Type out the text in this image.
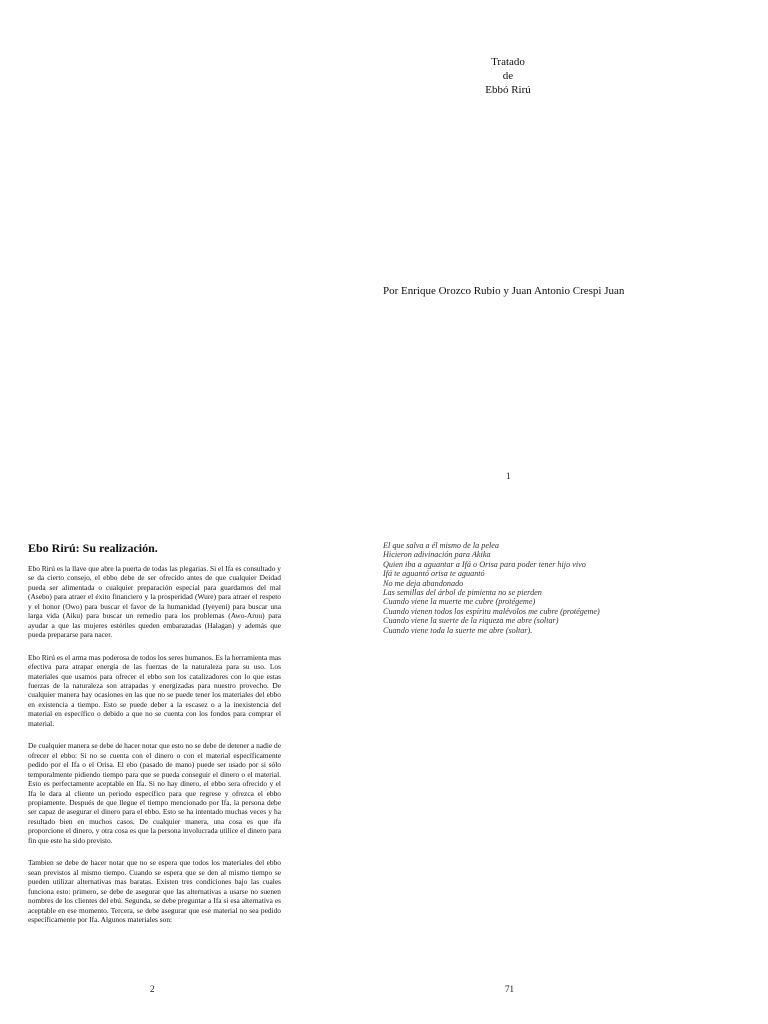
Tratado
de
Ebbó Rirú
Por Enrique Orozco Rubio y Juan Antonio Crespi Juan
1
Ebo Rirú: Su realización.

Ebo Rirú es la llave que abre la puerta de todas las plegarias. Si el Ifa es consultado y se da cierto consejo, el ebbo debe de ser ofrecido antes de que cualquier Deidad pueda ser alimentada o cualquier preparación especial para guardarnos del mal (Asebo) para atraer el éxito financiero y la prosperidad (Wure) para atraer el respeto y el honor (Owo) para buscar el favor de la humanidad (Iyeyeni) para buscar una larga vida (Aiku) para buscar un remedio para los problemas (Awo-Aruu) para ayudar a que las mujeres estériles queden embarazadas (Halagan) y además que pueda prepararse para nacer.

Ebo Rirú es el arma mas poderosa de todos los seres humanos. Es la herramienta mas efectiva para atrapar energía de las fuerzas de la naturaleza para su uso. Los materiales que usamos para ofrecer el ebbo son los catalizadores con lo que estas fuerzas de la naturaleza son atrapadas y energizadas para nuestro provecho. De cualquier manera hay ocasiones en las que no se puede tener los materiales del ebbo en existencia a tiempo. Esto se puede deber a la escasez o a la inexistencia del material en específico o debido a que no se cuenta con los fondos para comprar el material.

De cualquier manera se debe de hacer notar que esto no se debe de detener a nadie de ofrecer el ebbo: Si no se cuenta con el dinero o con el material específicamente pedido por el Ifa o el Orisa. El ebo (pasado de mano) puede ser usado por si sólo temporalmente pidiendo tiempo para que se pueda conseguir el dinero o el material. Esto es perfectamente aceptable en Ifa. Si no hay dinero, el ebbo sera ofrecido y el Ifa le dara al cliente un periodo específico para que regrese y ofrezca el ebbo propiamente. Después de que llegue el tiempo mencionado por Ifa, la persona debe ser capaz de asegurar el dinero para el ebbo. Esto se ha intentado muchas veces y ha resultado bien en muchos casos. De cualquier manera, una cosa es que ifa proporcione el dinero, y otra cosa es que la persona involucrada utilice el dinero para fin que este ha sido previsto.

Tambien se debe de hacer notar que no se espera que todos los materiales del ebbo sean previstos al mismo tiempo. Cuando se espera que se den al mismo tiempo se pueden utilizar alternativas mas baratas. Existen tres condiciones bajo las cuales funciona esto: primero, se debe de asegurar que las alternativas a usarse no suenen nombres de los clientes del ebú. Segunda, se debe preguntar a Ifa si esa alternativa es aceptable en ese momento. Tercera, se debe asegurar que ese material no sea pedido específicamente por Ifa. Algunos materiales son:

El que salva a él mismo de la pelea
Hicieron adivinación para Akika
Quien iba a aguantar a Ifá o Orisa para poder tener hijo vivo
Ifá te aguantó orisa te aguantó
No me deja abandonado
Las semillas del árbol de pimienta no se pierden
Cuando viene la muerte me cubre (protégeme)
Cuando vienen todos los espíritu malévolos me cubre (protégeme)
Cuando viene la suerte de la riqueza me abre (soltar)
Cuando viene toda la suerte me abre (soltar).
2	71
